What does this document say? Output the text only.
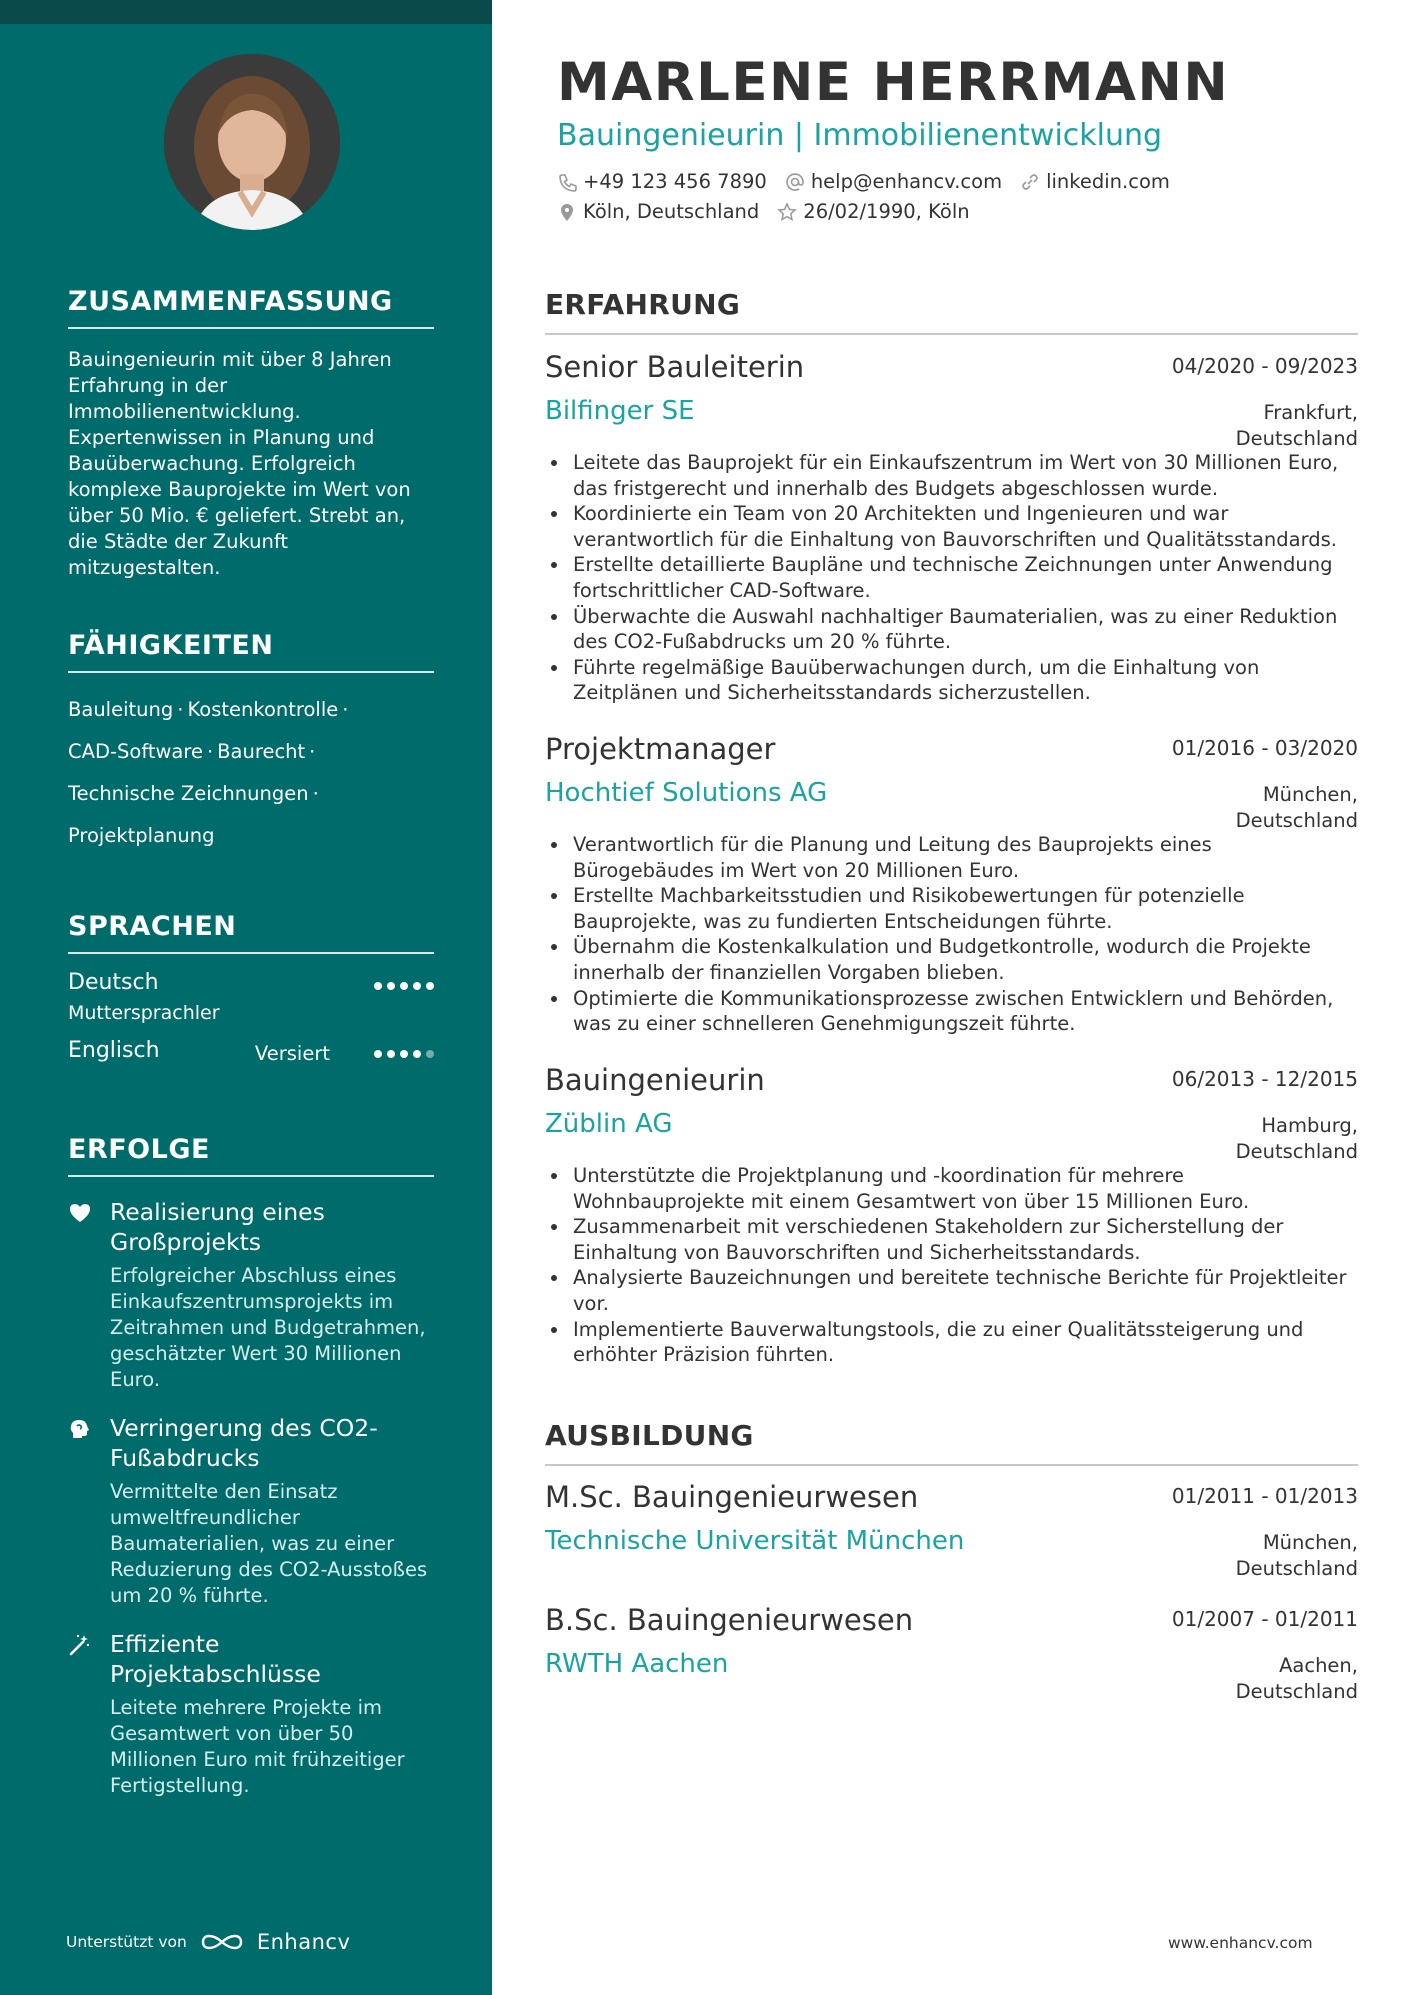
ZUSAMMENFASSUNG

Bauingenieurin mit über 8 Jahren Erfahrung in der Immobilienentwicklung. Expertenwissen in Planung und Bauüberwachung. Erfolgreich komplexe Bauprojekte im Wert von über 50 Mio. € geliefert. Strebt an, die Städte der Zukunft mitzugestalten.

FÄHIGKEITEN
Bauleitung · Kostenkontrolle ·
CAD-Software · Baurecht ·
Technische Zeichnungen ·
Projektplanung
SPRACHEN
Deutsch
Muttersprachler
Englisch	Versiert
ERFOLGE
Realisierung eines Großprojekts
Erfolgreicher Abschluss eines Einkaufszentrumsprojekts im Zeitrahmen und Budgetrahmen, geschätzter Wert 30 Millionen Euro.
Verringerung des CO2-Fußabdrucks
Vermittelte den Einsatz umweltfreundlicher Baumaterialien, was zu einer Reduzierung des CO2-Ausstoßes um 20 % führte.
Effiziente Projektabschlüsse
Leitete mehrere Projekte im Gesamtwert von über 50 Millionen Euro mit frühzeitiger Fertigstellung.
Unterstützt von	Enhancv
MARLENE HERRMANN
Bauingenieurin | Immobilienentwicklung
+49 123 456 7890 help@enhancv.com linkedin.com
Köln, Deutschland 26/02/1990, Köln
ERFAHRUNG
Senior Bauleiterin	04/2020 - 09/2023
Bilfinger SE	Frankfurt,
Deutschland
Leitete das Bauprojekt für ein Einkaufszentrum im Wert von 30 Millionen Euro, das fristgerecht und innerhalb des Budgets abgeschlossen wurde.
Koordinierte ein Team von 20 Architekten und Ingenieuren und war verantwortlich für die Einhaltung von Bauvorschriften und Qualitätsstandards.
Erstellte detaillierte Baupläne und technische Zeichnungen unter Anwendung fortschrittlicher CAD-Software.
Überwachte die Auswahl nachhaltiger Baumaterialien, was zu einer Reduktion des CO2-Fußabdrucks um 20 % führte.
Führte regelmäßige Bauüberwachungen durch, um die Einhaltung von Zeitplänen und Sicherheitsstandards sicherzustellen.
Projektmanager	01/2016 - 03/2020
Hochtief Solutions AG	München,
Deutschland
Verantwortlich für die Planung und Leitung des Bauprojekts eines Bürogebäudes im Wert von 20 Millionen Euro.
Erstellte Machbarkeitsstudien und Risikobewertungen für potenzielle Bauprojekte, was zu fundierten Entscheidungen führte.
Übernahm die Kostenkalkulation und Budgetkontrolle, wodurch die Projekte innerhalb der finanziellen Vorgaben blieben.
Optimierte die Kommunikationsprozesse zwischen Entwicklern und Behörden, was zu einer schnelleren Genehmigungszeit führte.
Bauingenieurin	06/2013 - 12/2015
Züblin AG	Hamburg,
Deutschland
Unterstützte die Projektplanung und -koordination für mehrere Wohnbauprojekte mit einem Gesamtwert von über 15 Millionen Euro.
Zusammenarbeit mit verschiedenen Stakeholdern zur Sicherstellung der Einhaltung von Bauvorschriften und Sicherheitsstandards.
Analysierte Bauzeichnungen und bereitete technische Berichte für Projektleiter vor.
Implementierte Bauverwaltungstools, die zu einer Qualitätssteigerung und erhöhter Präzision führten.
AUSBILDUNG
M.Sc. Bauingenieurwesen	01/2011 - 01/2013
Technische Universität München	München,
Deutschland
B.Sc. Bauingenieurwesen	01/2007 - 01/2011
RWTH Aachen	Aachen,
Deutschland
www.enhancv.com
